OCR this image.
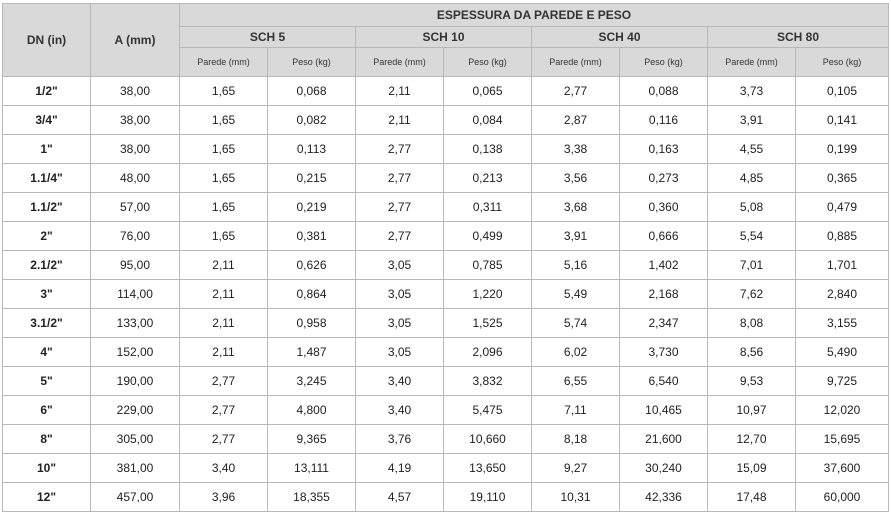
DN (in)	A (mm)	ESPESSURA DA PAREDE E PESO							
		SCH 5		SCH 10		SCH 40		SCH 80	
		Parede (mm)	Peso (kg)	Parede (mm)	Peso (kg)	Parede (mm)	Peso (kg)	Parede (mm)	Peso (kg)
1/2"	38,00	1,65	0,068	2,11	0,065	2,77	0,088	3,73	0,105
3/4"	38,00	1,65	0,082	2,11	0,084	2,87	0,116	3,91	0,141
1"	38,00	1,65	0,113	2,77	0,138	3,38	0,163	4,55	0,199
1.1/4"	48,00	1,65	0,215	2,77	0,213	3,56	0,273	4,85	0,365
1.1/2"	57,00	1,65	0,219	2,77	0,311	3,68	0,360	5,08	0,479
2"	76,00	1,65	0,381	2,77	0,499	3,91	0,666	5,54	0,885
2.1/2"	95,00	2,11	0,626	3,05	0,785	5,16	1,402	7,01	1,701
3"	114,00	2,11	0,864	3,05	1,220	5,49	2,168	7,62	2,840
3.1/2"	133,00	2,11	0,958	3,05	1,525	5,74	2,347	8,08	3,155
4"	152,00	2,11	1,487	3,05	2,096	6,02	3,730	8,56	5,490
5"	190,00	2,77	3,245	3,40	3,832	6,55	6,540	9,53	9,725
6"	229,00	2,77	4,800	3,40	5,475	7,11	10,465	10,97	12,020
8"	305,00	2,77	9,365	3,76	10,660	8,18	21,600	12,70	15,695
10"	381,00	3,40	13,111	4,19	13,650	9,27	30,240	15,09	37,600
12"	457,00	3,96	18,355	4,57	19,110	10,31	42,336	17,48	60,000
